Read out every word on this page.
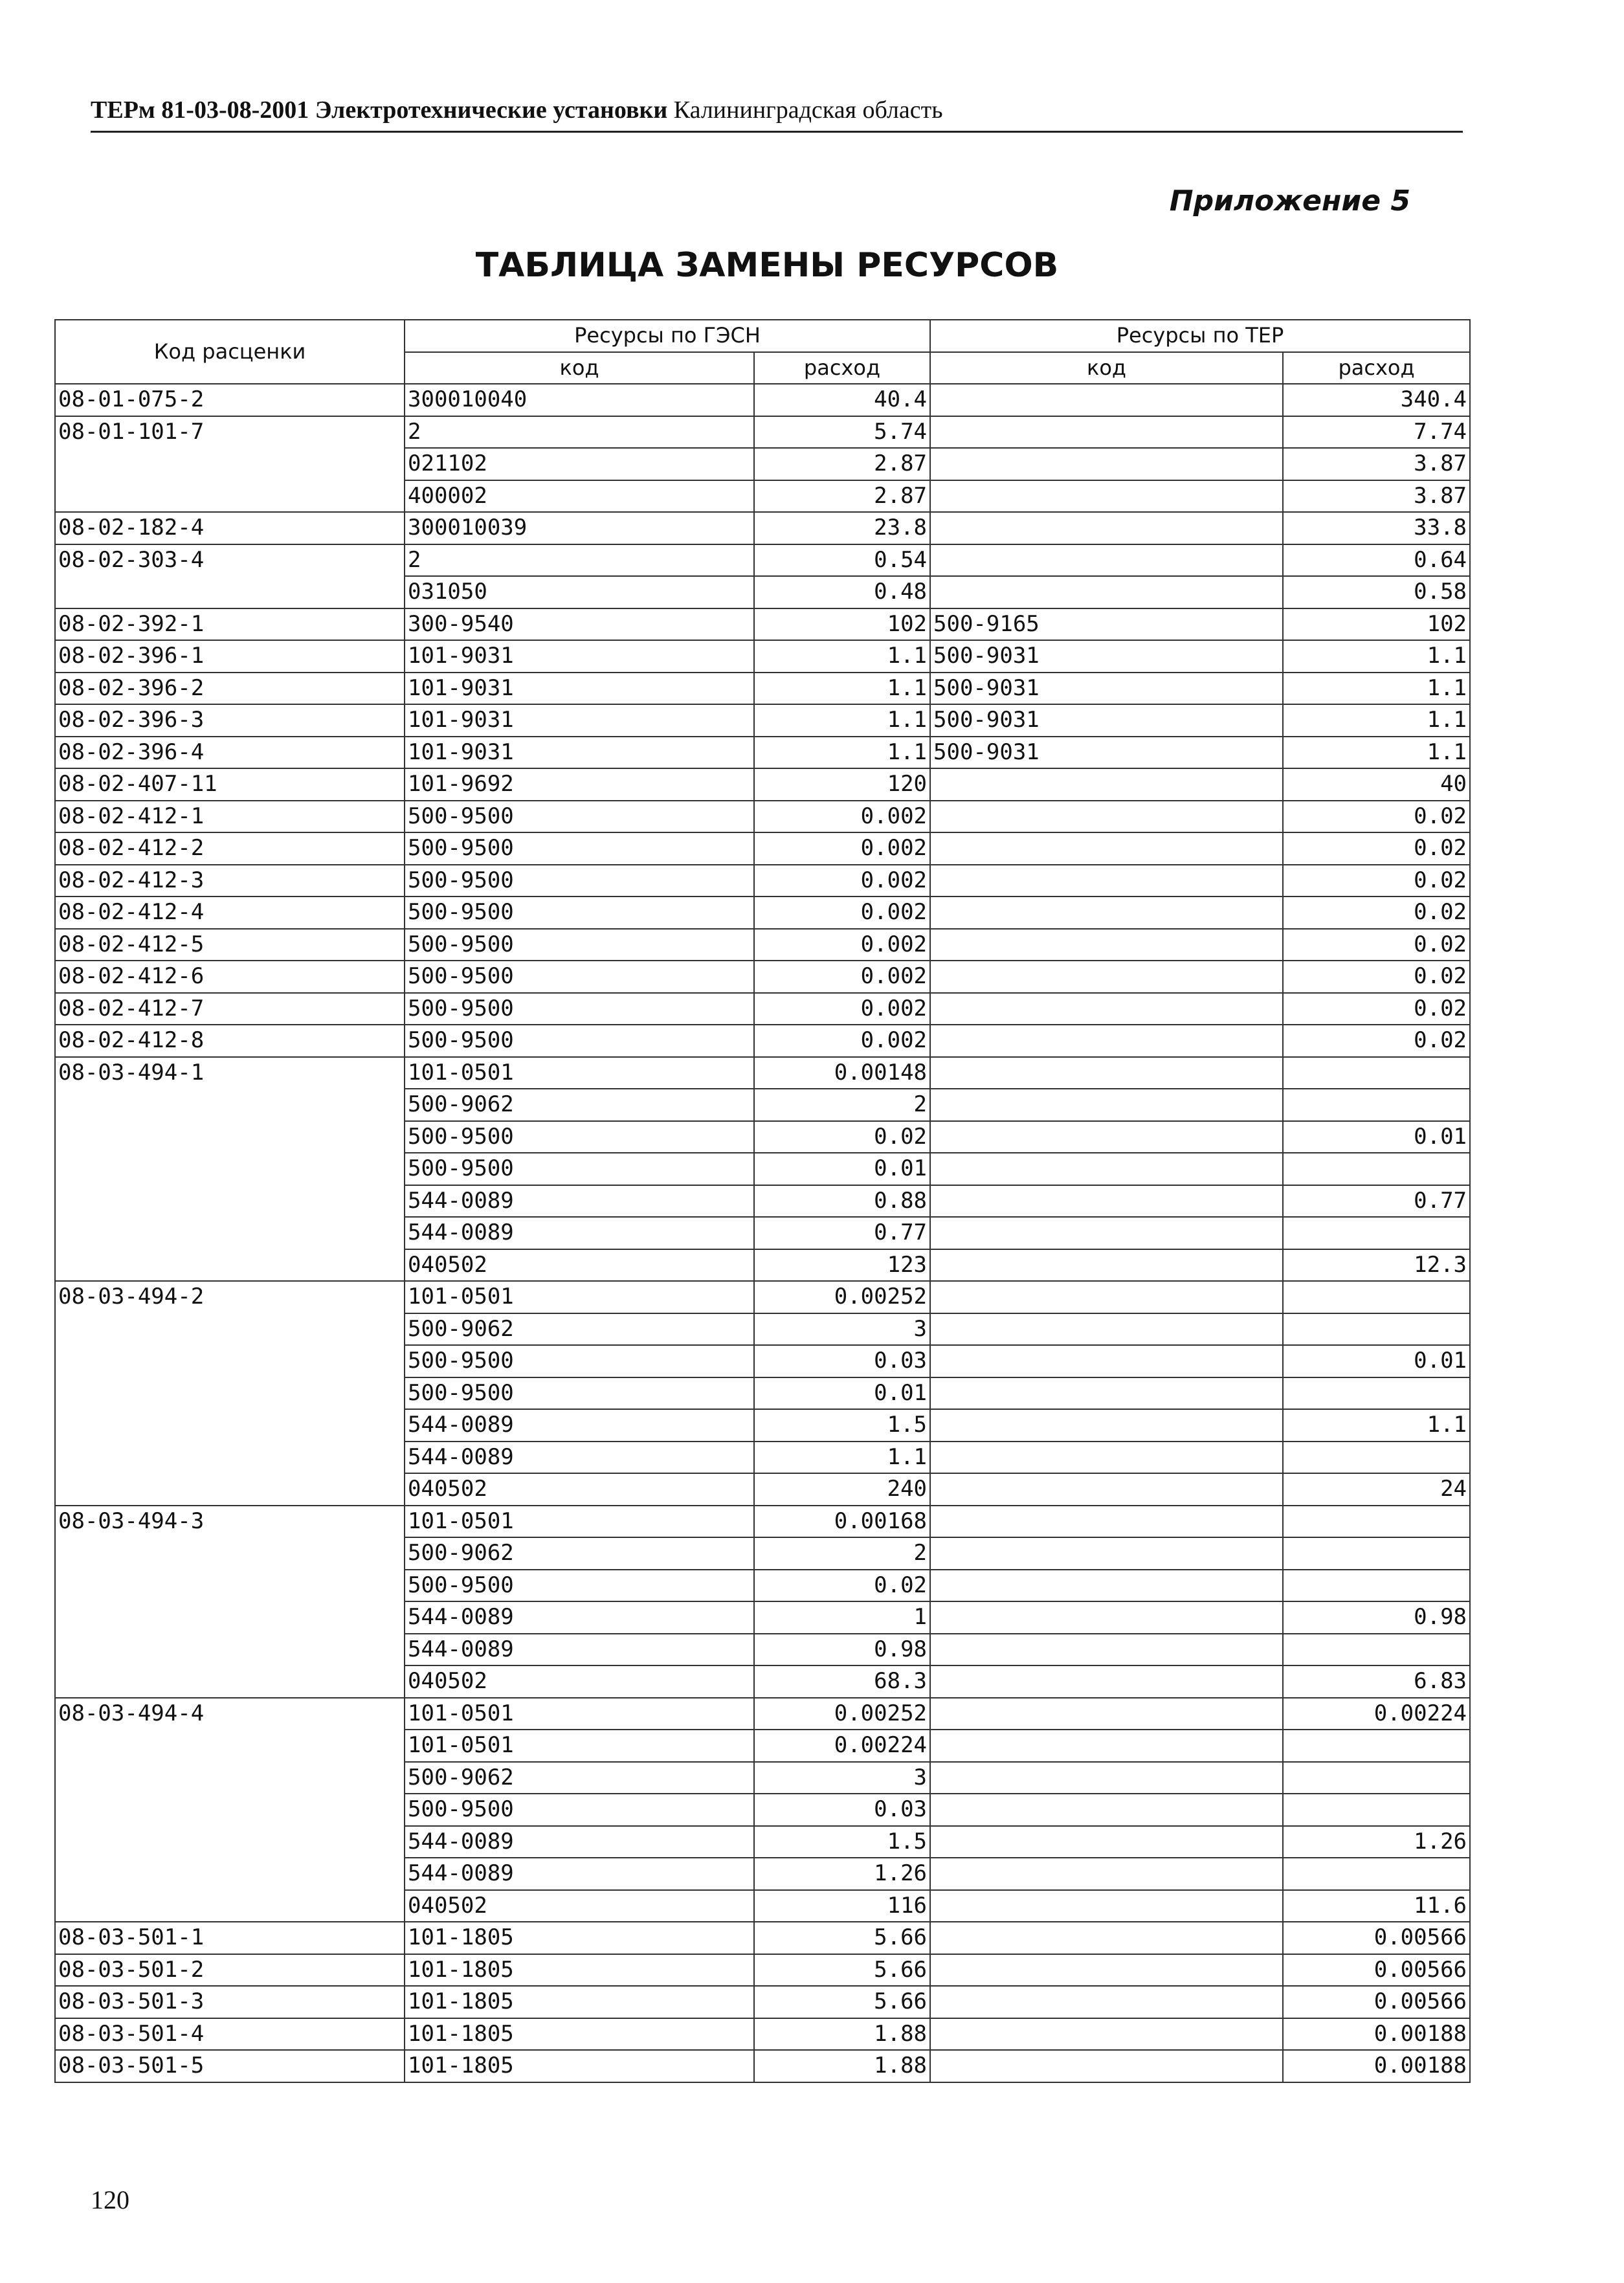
ТЕРм 81-03-08-2001 Электротехнические установки Калининградская область
Приложение 5
ТАБЛИЦА ЗАМЕНЫ РЕСУРСОВ
Код расценки	Ресурсы по ГЭСН		Ресурсы по ТЕР	
	код	расход	код	расход
08-01-075-2	300010040	40.4		340.4
08-01-101-7	2	5.74		7.74
	021102	2.87		3.87
	400002	2.87		3.87
08-02-182-4	300010039	23.8		33.8
08-02-303-4	2	0.54		0.64
	031050	0.48		0.58
08-02-392-1	300-9540	102	500-9165	102
08-02-396-1	101-9031	1.1	500-9031	1.1
08-02-396-2	101-9031	1.1	500-9031	1.1
08-02-396-3	101-9031	1.1	500-9031	1.1
08-02-396-4	101-9031	1.1	500-9031	1.1
08-02-407-11	101-9692	120		40
08-02-412-1	500-9500	0.002		0.02
08-02-412-2	500-9500	0.002		0.02
08-02-412-3	500-9500	0.002		0.02
08-02-412-4	500-9500	0.002		0.02
08-02-412-5	500-9500	0.002		0.02
08-02-412-6	500-9500	0.002		0.02
08-02-412-7	500-9500	0.002		0.02
08-02-412-8	500-9500	0.002		0.02
08-03-494-1	101-0501	0.00148		
	500-9062	2		
	500-9500	0.02		0.01
	500-9500	0.01		
	544-0089	0.88		0.77
	544-0089	0.77		
	040502	123		12.3
08-03-494-2	101-0501	0.00252		
	500-9062	3		
	500-9500	0.03		0.01
	500-9500	0.01		
	544-0089	1.5		1.1
	544-0089	1.1		
	040502	240		24
08-03-494-3	101-0501	0.00168		
	500-9062	2		
	500-9500	0.02		
	544-0089	1		0.98
	544-0089	0.98		
	040502	68.3		6.83
08-03-494-4	101-0501	0.00252		0.00224
	101-0501	0.00224		
	500-9062	3		
	500-9500	0.03		
	544-0089	1.5		1.26
	544-0089	1.26		
	040502	116		11.6
08-03-501-1	101-1805	5.66		0.00566
08-03-501-2	101-1805	5.66		0.00566
08-03-501-3	101-1805	5.66		0.00566
08-03-501-4	101-1805	1.88		0.00188
08-03-501-5	101-1805	1.88		0.00188
120
